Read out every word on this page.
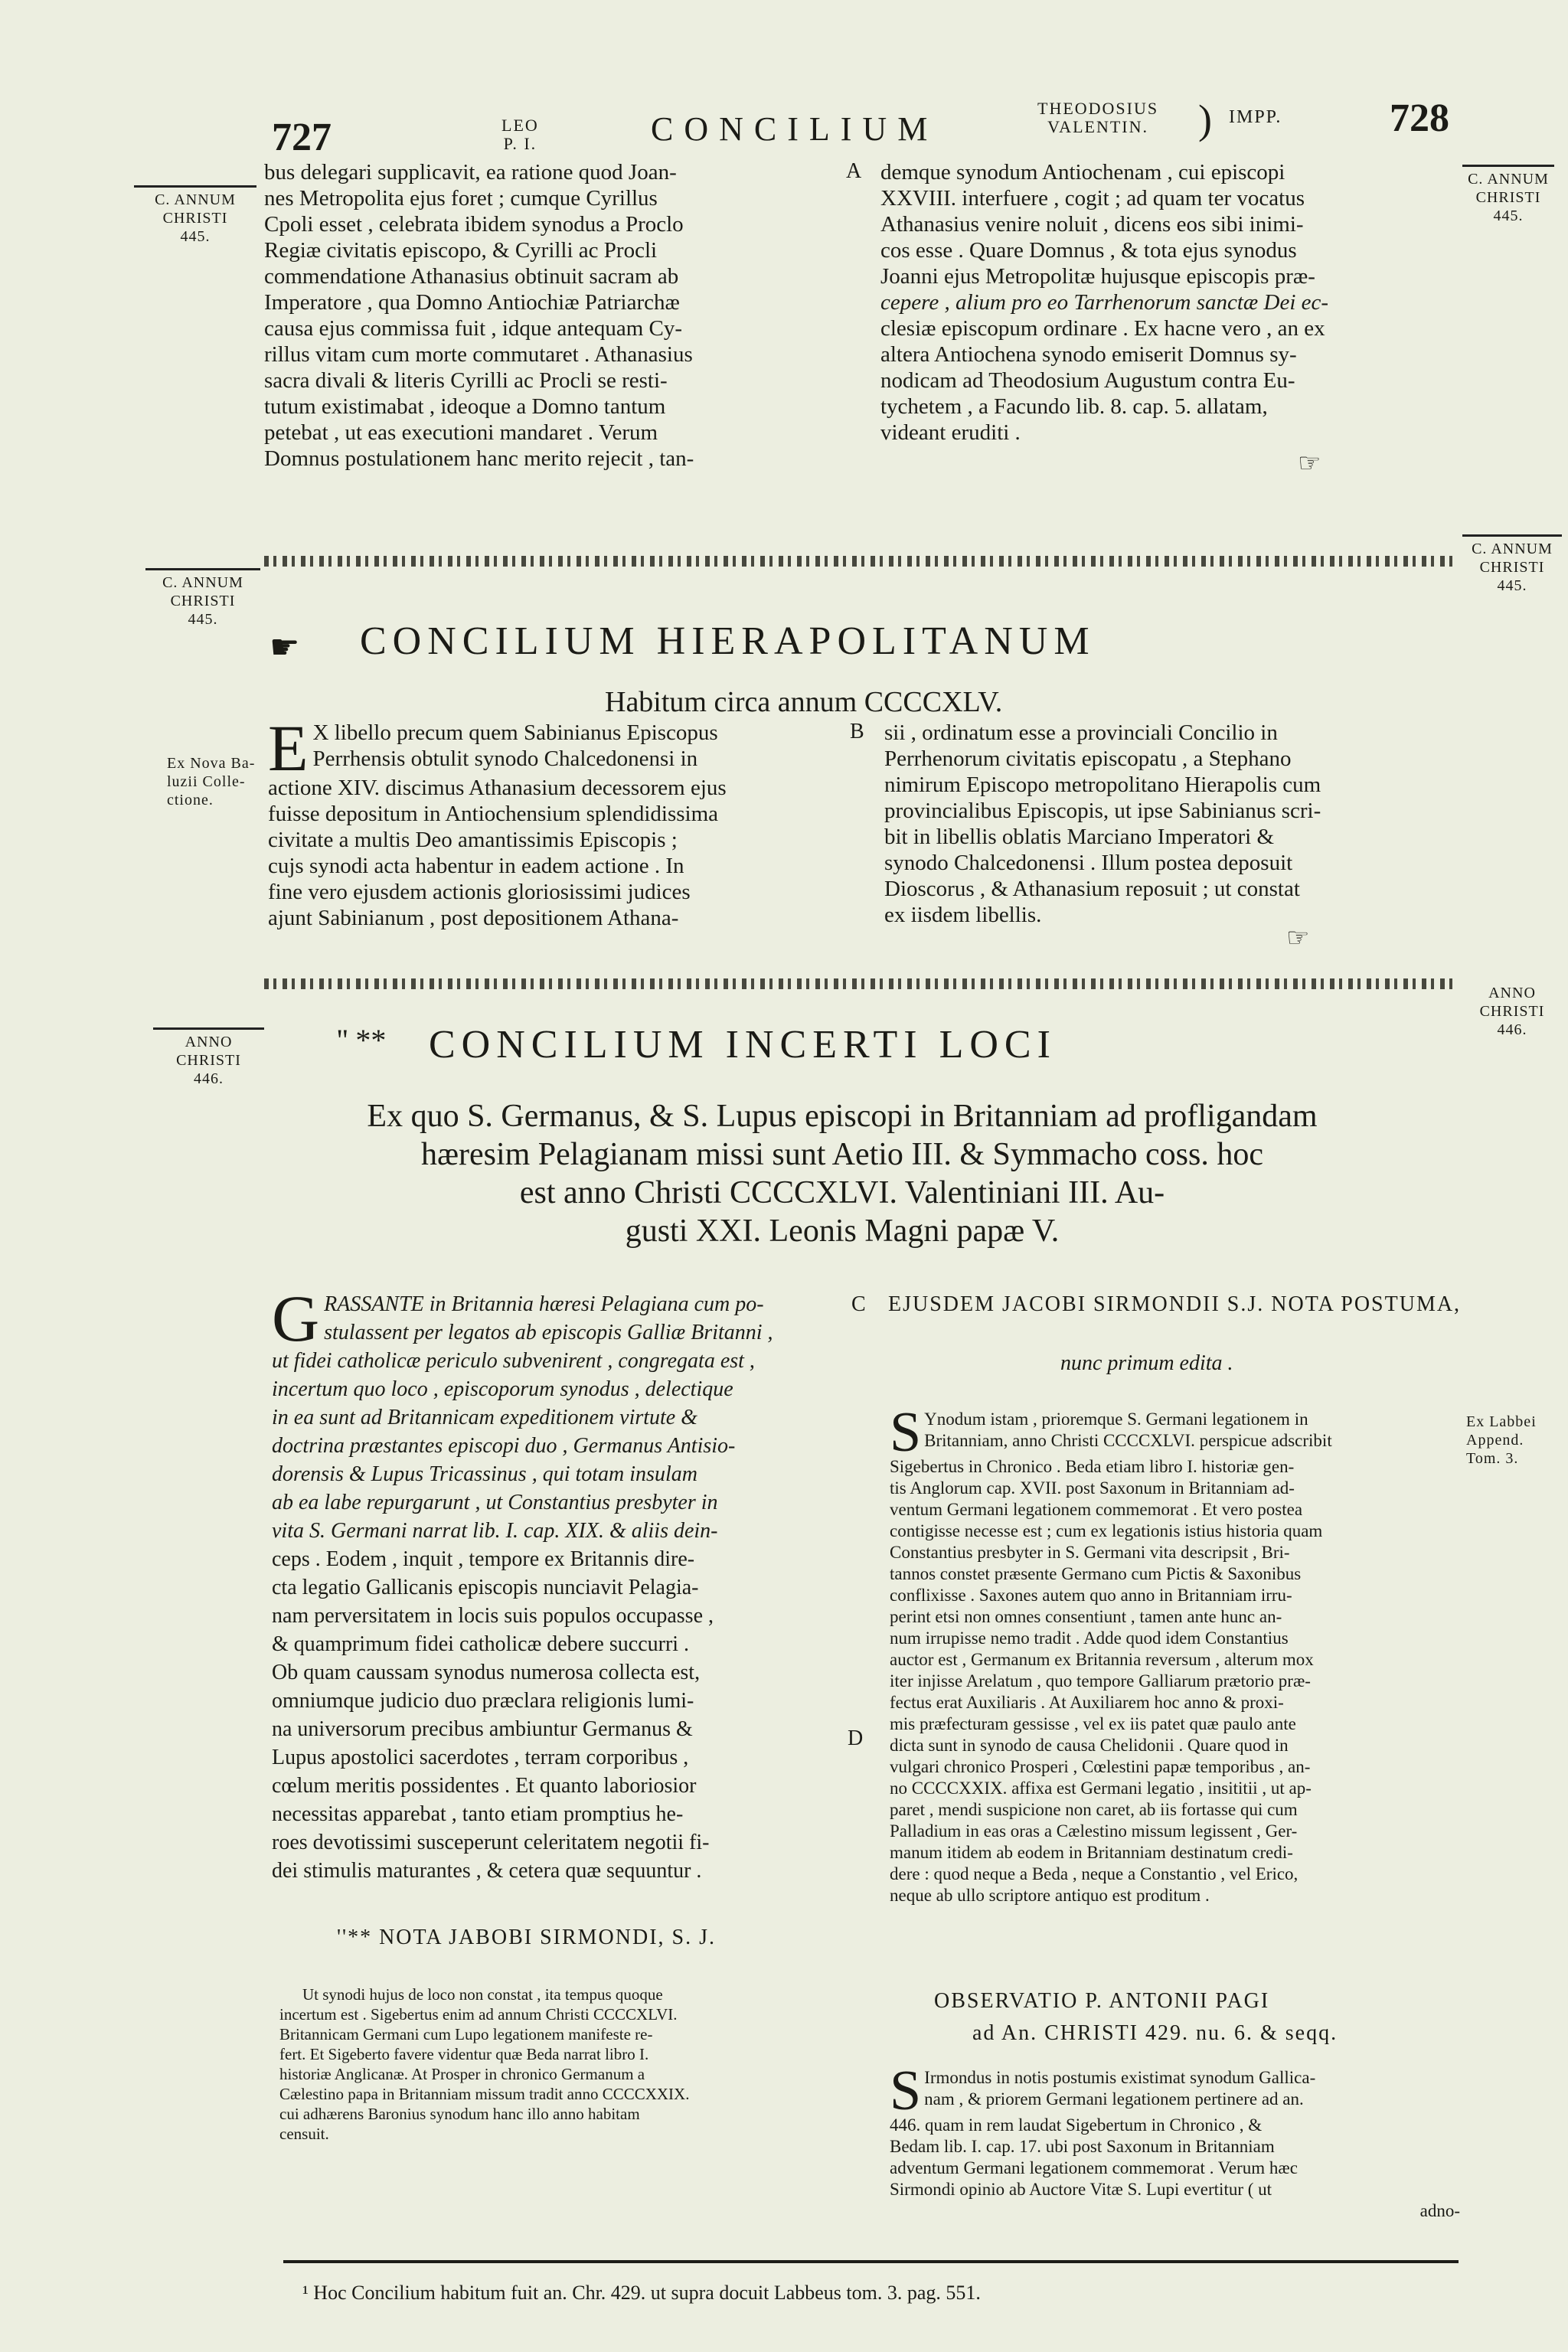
727	LEO
P. I.	CONCILIUM
THEODOSIUS
VALENTIN. ) IMPP.	728
C. ANNUM
CHRISTI
445.
C. ANNUM
CHRISTI
445.
bus delegari supplicavit, ea ratione quod Joan-
nes Metropolita ejus foret ; cumque Cyrillus
Cpoli esset , celebrata ibidem synodus a Proclo
Regiæ civitatis episcopo, & Cyrilli ac Procli
commendatione Athanasius obtinuit sacram ab
Imperatore , qua Domno Antiochiæ Patriarchæ
causa ejus commissa fuit , idque antequam Cy-
rillus vitam cum morte commutaret . Athanasius
sacra divali & literis Cyrilli ac Procli se resti-
tutum existimabat , ideoque a Domno tantum
petebat , ut eas executioni mandaret . Verum
Domnus postulationem hanc merito rejecit , tan-
A demque synodum Antiochenam , cui episcopi
XXVIII. interfuere , cogit ; ad quam ter vocatus
Athanasius venire noluit , dicens eos sibi inimi-
cos esse . Quare Domnus , & tota ejus synodus
Joanni ejus Metropolitæ hujusque episcopis præ-
cepere , alium pro eo Tarrhenorum sanctæ Dei ec-
clesiæ episcopum ordinare . Ex hacne vero , an ex
altera Antiochena synodo emiserit Domnus sy-
nodicam ad Theodosium Augustum contra Eu-
tychetem , a Facundo lib. 8. cap. 5. allatam,
videant eruditi .
☞
C. ANNUM
CHRISTI
445.
C. ANNUM
CHRISTI
445.
☛ CONCILIUM HIERAPOLITANUM
Habitum circa annum CCCCXLV.
Ex Nova Ba-
luzii Colle-
ctione.
E X libello precum quem Sabinianus Episcopus
Perrhensis obtulit synodo Chalcedonensi in
actione XIV. discimus Athanasium decessorem ejus
fuisse depositum in Antiochensium splendidissima
civitate a multis Deo amantissimis Episcopis ;
cujs synodi acta habentur in eadem actione . In
fine vero ejusdem actionis gloriosissimi judices
ajunt Sabinianum , post depositionem Athana-
B sii , ordinatum esse a provinciali Concilio in
Perrhenorum civitatis episcopatu , a Stephano
nimirum Episcopo metropolitano Hierapolis cum
provincialibus Episcopis, ut ipse Sabinianus scri-
bit in libellis oblatis Marciano Imperatori &
synodo Chalcedonensi . Illum postea deposuit
Dioscorus , & Athanasium reposuit ; ut constat
ex iisdem libellis.
☞
ANNO
CHRISTI
446.
ANNO
CHRISTI
446.
'' ** CONCILIUM INCERTI LOCI
Ex quo S. Germanus, & S. Lupus episcopi in Britanniam ad profligandam
hæresim Pelagianam missi sunt Aetio III. & Symmacho coss. hoc
est anno Christi CCCCXLVI. Valentiniani III. Au-
gusti XXI. Leonis Magni papæ V.
G RASSANTE in Britannia hæresi Pelagiana cum po-
stulassent per legatos ab episcopis Galliæ Britanni ,
ut fidei catholicæ periculo subvenirent , congregata est ,
incertum quo loco , episcoporum synodus , delectique
in ea sunt ad Britannicam expeditionem virtute &
doctrina præstantes episcopi duo , Germanus Antisio-
dorensis & Lupus Tricassinus , qui totam insulam
ab ea labe repurgarunt , ut Constantius presbyter in
vita S. Germani narrat lib. I. cap. XIX. & aliis dein-
ceps . Eodem , inquit , tempore ex Britannis dire-
cta legatio Gallicanis episcopis nunciavit Pelagia-
nam perversitatem in locis suis populos occupasse ,
& quamprimum fidei catholicæ debere succurri .
Ob quam caussam synodus numerosa collecta est,
omniumque judicio duo præclara religionis lumi-
na universorum precibus ambiuntur Germanus &
Lupus apostolici sacerdotes , terram corporibus ,
cœlum meritis possidentes . Et quanto laboriosior
necessitas apparebat , tanto etiam promptius he-
roes devotissimi susceperunt celeritatem negotii fi-
dei stimulis maturantes , & cetera quæ sequuntur .
''** NOTA JABOBI SIRMONDI, S. J.
Ut synodi hujus de loco non constat , ita tempus quoque
incertum est . Sigebertus enim ad annum Christi CCCCXLVI.
Britannicam Germani cum Lupo legationem manifeste re-
fert. Et Sigeberto favere videntur quæ Beda narrat libro I.
historiæ Anglicanæ. At Prosper in chronico Germanum a
Cælestino papa in Britanniam missum tradit anno CCCCXXIX.
cui adhærens Baronius synodum hanc illo anno habitam
censuit.
C
D
EJUSDEM JACOBI SIRMONDII S.J. NOTA POSTUMA,
nunc primum edita .
Ex Labbei
Append.
Tom. 3.
S Ynodum istam , prioremque S. Germani legationem in
Britanniam, anno Christi CCCCXLVI. perspicue adscribit
Sigebertus in Chronico . Beda etiam libro I. historiæ gen-
tis Anglorum cap. XVII. post Saxonum in Britanniam ad-
ventum Germani legationem commemorat . Et vero postea
contigisse necesse est ; cum ex legationis istius historia quam
Constantius presbyter in S. Germani vita descripsit , Bri-
tannos constet præsente Germano cum Pictis & Saxonibus
conflixisse . Saxones autem quo anno in Britanniam irru-
perint etsi non omnes consentiunt , tamen ante hunc an-
num irrupisse nemo tradit . Adde quod idem Constantius
auctor est , Germanum ex Britannia reversum , alterum mox
iter injisse Arelatum , quo tempore Galliarum prætorio præ-
fectus erat Auxiliaris . At Auxiliarem hoc anno & proxi-
mis præfecturam gessisse , vel ex iis patet quæ paulo ante
dicta sunt in synodo de causa Chelidonii . Quare quod in
vulgari chronico Prosperi , Cœlestini papæ temporibus , an-
no CCCCXXIX. affixa est Germani legatio , insititii , ut ap-
paret , mendi suspicione non caret, ab iis fortasse qui cum
Palladium in eas oras a Cælestino missum legissent , Ger-
manum itidem ab eodem in Britanniam destinatum credi-
dere : quod neque a Beda , neque a Constantio , vel Erico,
neque ab ullo scriptore antiquo est proditum .
OBSERVATIO P. ANTONII PAGI
ad An. CHRISTI 429. nu. 6. & seqq.
S Irmondus in notis postumis existimat synodum Gallica-
nam , & priorem Germani legationem pertinere ad an.
446. quam in rem laudat Sigebertum in Chronico , &
Bedam lib. I. cap. 17. ubi post Saxonum in Britanniam
adventum Germani legationem commemorat . Verum hæc
Sirmondi opinio ab Auctore Vitæ S. Lupi evertitur ( ut
adno-
¹ Hoc Concilium habitum fuit an. Chr. 429. ut supra docuit Labbeus tom. 3. pag. 551.
